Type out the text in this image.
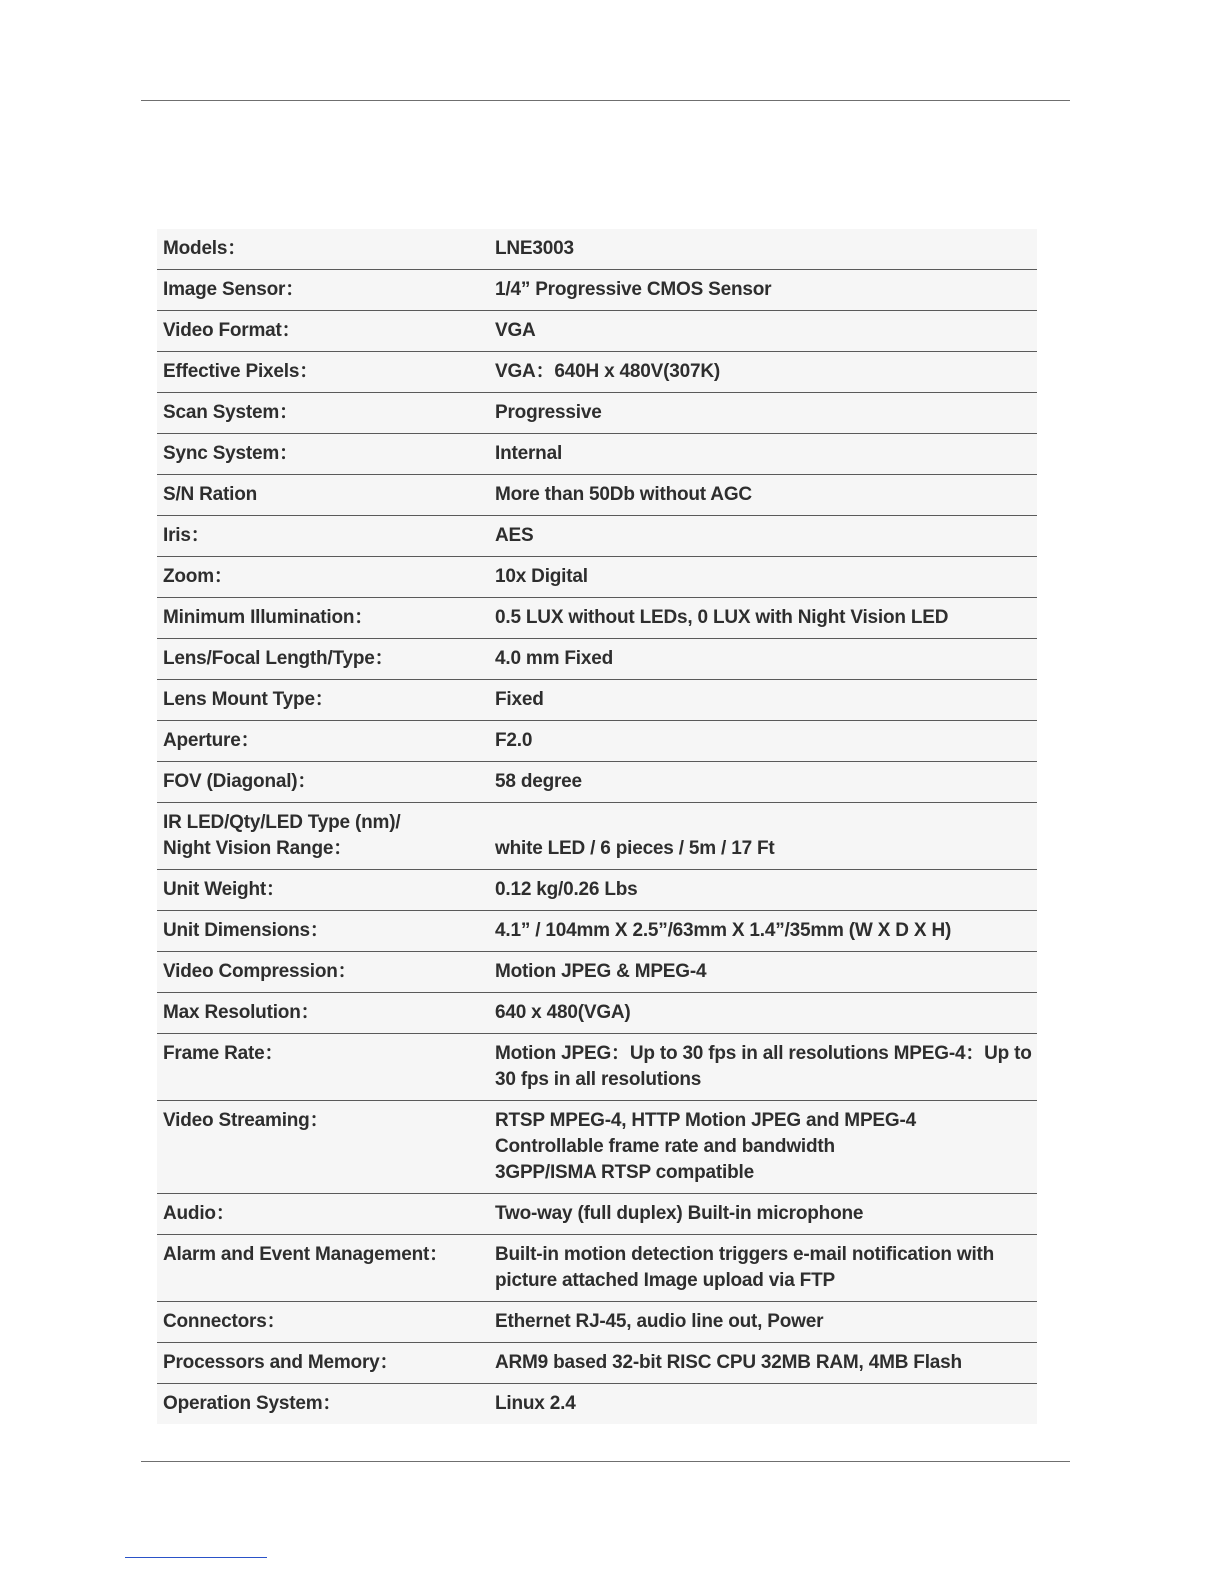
Models：	LNE3003
Image Sensor：	1/4” Progressive CMOS Sensor
Video Format：	VGA
Effective Pixels：	VGA：640H x 480V(307K)
Scan System：	Progressive
Sync System：	Internal
S/N Ration	More than 50Db without AGC
Iris：	AES
Zoom：	10x Digital
Minimum Illumination：	0.5 LUX without LEDs, 0 LUX with Night Vision LED
Lens/Focal Length/Type：	4.0 mm Fixed
Lens Mount Type：	Fixed
Aperture：	F2.0
FOV (Diagonal)：	58 degree
IR LED/Qty/LED Type (nm)/
Night Vision Range：	white LED / 6 pieces / 5m / 17 Ft
Unit Weight：	0.12 kg/0.26 Lbs
Unit Dimensions：	4.1” / 104mm X 2.5”/63mm X 1.4”/35mm (W X D X H)
Video Compression：	Motion JPEG & MPEG-4
Max Resolution：	640 x 480(VGA)
Frame Rate：	Motion JPEG：Up to 30 fps in all resolutions MPEG-4：Up to 30 fps in all resolutions
Video Streaming：	RTSP MPEG-4, HTTP Motion JPEG and MPEG-4
Controllable frame rate and bandwidth
3GPP/ISMA RTSP compatible
Audio：	Two-way (full duplex) Built-in microphone
Alarm and Event Management：	Built-in motion detection triggers e-mail notification with picture attached Image upload via FTP
Connectors：	Ethernet RJ-45, audio line out, Power
Processors and Memory：	ARM9 based 32-bit RISC CPU 32MB RAM, 4MB Flash
Operation System：	Linux 2.4
